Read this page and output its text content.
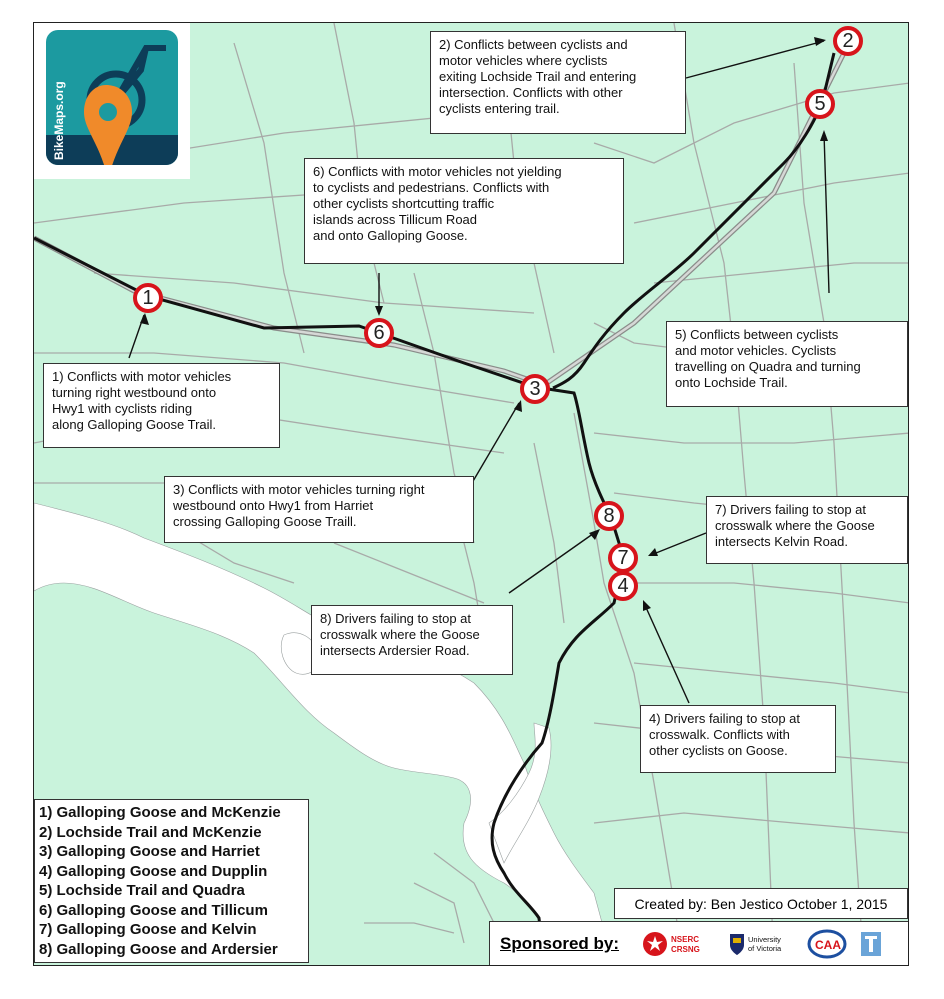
BikeMaps.org
2) Conflicts between cyclists and
motor vehicles where cyclists
exiting Lochside Trail and entering
intersection. Conflicts with other
cyclists entering trail.
6) Conflicts with motor vehicles not yielding
to cyclists and pedestrians. Conflicts with
other cyclists shortcutting traffic
islands across Tillicum Road
and onto Galloping Goose.
5) Conflicts between cyclists
and motor vehicles. Cyclists
travelling on Quadra and turning
onto Lochside Trail.
1) Conflicts with motor vehicles
turning right westbound onto
Hwy1 with cyclists riding
along Galloping Goose Trail.
3) Conflicts with motor vehicles turning right
westbound onto Hwy1 from Harriet
crossing Galloping Goose Traill.
7) Drivers failing to stop at
crosswalk where the Goose
intersects Kelvin Road.
8) Drivers failing to stop at
crosswalk where the Goose
intersects Ardersier Road.
4) Drivers failing to stop at
crosswalk. Conflicts with
other cyclists on Goose.
2
5
1
6
3
8
7
4
1) Galloping Goose and McKenzie
2) Lochside Trail and McKenzie
3) Galloping Goose and Harriet
4) Galloping Goose and Dupplin
5) Lochside Trail and Quadra
6) Galloping Goose and Tillicum
7) Galloping Goose and Kelvin
8) Galloping Goose and Ardersier
Created by: Ben Jestico October 1, 2015
Sponsored by:	NSERC
CRSNG
University
of Victoria	CAA
